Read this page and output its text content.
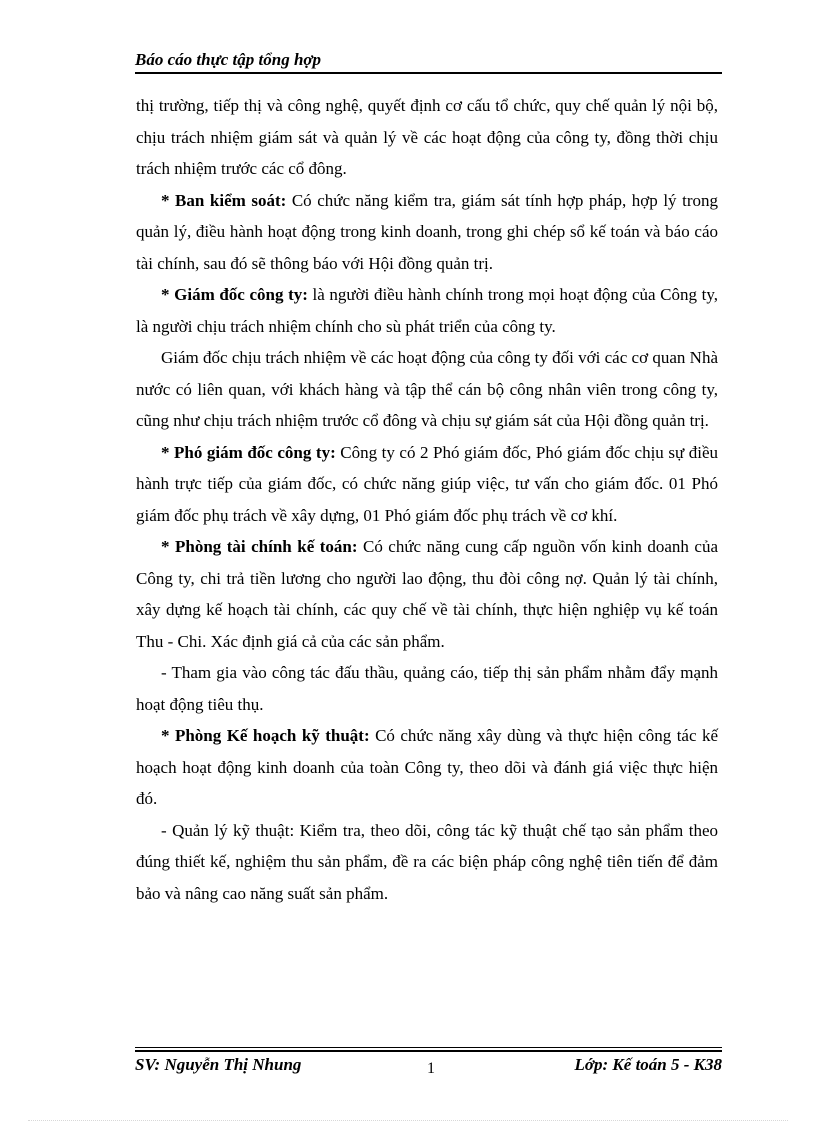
Báo cáo thực tập tổng hợp

thị trường, tiếp thị và công nghệ, quyết định cơ cấu tổ chức, quy chế quản lý nội bộ, chịu trách nhiệm giám sát và quản lý về các hoạt động của công ty, đồng thời chịu trách nhiệm trước các cổ đông.

* Ban kiểm soát: Có chức năng kiểm tra, giám sát tính hợp pháp, hợp lý trong quản lý, điều hành hoạt động trong kinh doanh, trong ghi chép sổ kế toán và báo cáo tài chính, sau đó sẽ thông báo với Hội đồng quản trị.

* Giám đốc công ty: là người điều hành chính trong mọi hoạt động của Công ty, là người chịu trách nhiệm chính cho sù phát triển của công ty.

Giám đốc chịu trách nhiệm về các hoạt động của công ty đối với các cơ quan Nhà nước có liên quan, với khách hàng và tập thể cán bộ công nhân viên trong công ty, cũng như chịu trách nhiệm trước cổ đông và chịu sự giám sát của Hội đồng quản trị.

* Phó giám đốc công ty: Công ty có 2 Phó giám đốc, Phó giám đốc chịu sự điều hành trực tiếp của giám đốc, có chức năng giúp việc, tư vấn cho giám đốc. 01 Phó giám đốc phụ trách về xây dựng, 01 Phó giám đốc phụ trách về cơ khí.

* Phòng tài chính kế toán: Có chức năng cung cấp nguồn vốn kinh doanh của Công ty, chi trả tiền lương cho người lao động, thu đòi công nợ. Quản lý tài chính, xây dựng kế hoạch tài chính, các quy chế về tài chính, thực hiện nghiệp vụ kế toán Thu - Chi. Xác định giá cả của các sản phẩm.

- Tham gia vào công tác đấu thầu, quảng cáo, tiếp thị sản phẩm nhằm đẩy mạnh hoạt động tiêu thụ.

* Phòng Kế hoạch kỹ thuật: Có chức năng xây dùng và thực hiện công tác kế hoạch hoạt động kinh doanh của toàn Công ty, theo dõi và đánh giá việc thực hiện đó.

- Quản lý kỹ thuật: Kiểm tra, theo dõi, công tác kỹ thuật chế tạo sản phẩm theo đúng thiết kế, nghiệm thu sản phẩm, đề ra các biện pháp công nghệ tiên tiến để đảm bảo và nâng cao năng suất sản phẩm.

SV: Nguyễn Thị Nhung	1	Lớp: Kế toán 5 - K38
